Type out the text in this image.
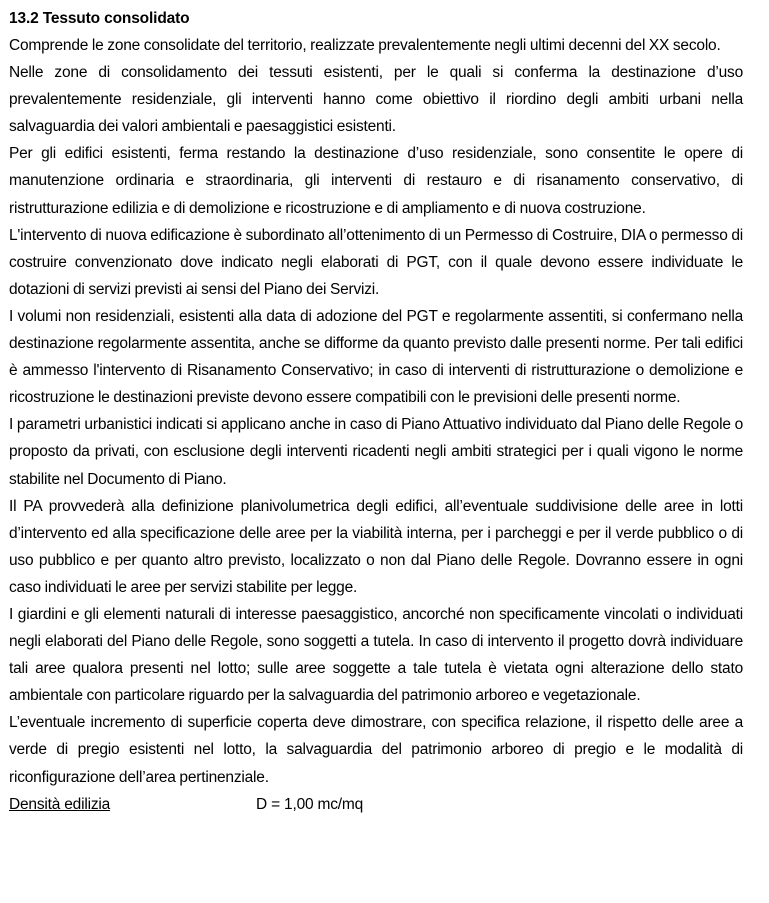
13.2 Tessuto consolidato

Comprende le zone consolidate del territorio, realizzate prevalentemente negli ultimi decenni del XX secolo.

Nelle zone di consolidamento dei tessuti esistenti, per le quali si conferma la destinazione d’uso prevalentemente residenziale, gli interventi hanno come obiettivo il riordino degli ambiti urbani nella salvaguardia dei valori ambientali e paesaggistici esistenti.

Per gli edifici esistenti, ferma restando la destinazione d’uso residenziale, sono consentite le opere di manutenzione ordinaria e straordinaria, gli interventi di restauro e di risanamento conservativo, di ristrutturazione edilizia e di demolizione e ricostruzione e di ampliamento e di nuova costruzione.

L'intervento di nuova edificazione è subordinato all’ottenimento di un Permesso di Costruire, DIA o permesso di costruire convenzionato dove indicato negli elaborati di PGT, con il quale devono essere individuate le dotazioni di servizi previsti ai sensi del Piano dei Servizi.

I volumi non residenziali, esistenti alla data di adozione del PGT e regolarmente assentiti, si confermano nella destinazione regolarmente assentita, anche se difforme da quanto previsto dalle presenti norme. Per tali edifici è ammesso l'intervento di Risanamento Conservativo; in caso di interventi di ristrutturazione o demolizione e ricostruzione le destinazioni previste devono essere compatibili con le previsioni delle presenti norme.

I parametri urbanistici indicati si applicano anche in caso di Piano Attuativo individuato dal Piano delle Regole o proposto da privati, con esclusione degli interventi ricadenti negli ambiti strategici per i quali vigono le norme stabilite nel Documento di Piano.

Il PA provvederà alla definizione planivolumetrica degli edifici, all’eventuale suddivisione delle aree in lotti d’intervento ed alla specificazione delle aree per la viabilità interna, per i parcheggi e per il verde pubblico o di uso pubblico e per quanto altro previsto, localizzato o non dal Piano delle Regole. Dovranno essere in ogni caso individuati le aree per servizi stabilite per legge.

I giardini e gli elementi naturali di interesse paesaggistico, ancorché non specificamente vincolati o individuati negli elaborati del Piano delle Regole, sono soggetti a tutela. In caso di intervento il progetto dovrà individuare tali aree qualora presenti nel lotto; sulle aree soggette a tale tutela è vietata ogni alterazione dello stato ambientale con particolare riguardo per la salvaguardia del patrimonio arboreo e vegetazionale.

L’eventuale incremento di superficie coperta deve dimostrare, con specifica relazione, il rispetto delle aree a verde di pregio esistenti nel lotto, la salvaguardia del patrimonio arboreo di pregio e le modalità di riconfigurazione dell’area pertinenziale.

Densità edilizia	D = 1,00 mc/mq
